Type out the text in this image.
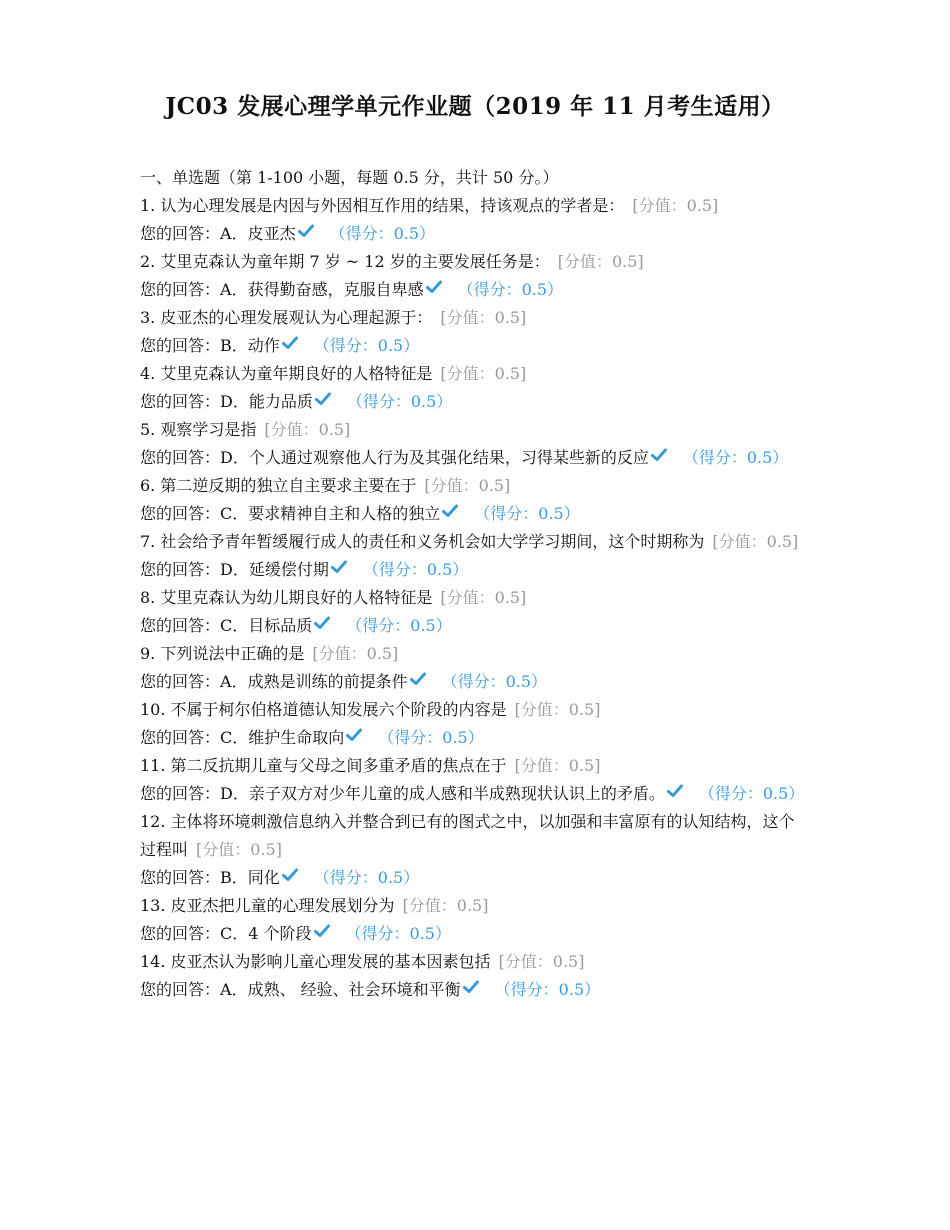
JC03 发展心理学单元作业题（2019 年 11 月考生适用）
一、单选题（第 1-100 小题，每题 0.5 分，共计 50 分。）
1. 认为心理发展是内因与外因相互作用的结果，持该观点的学者是： [分值：0.5]
您的回答：A．皮亚杰 （得分：0.5）
2. 艾里克森认为童年期 7 岁 ~ 12 岁的主要发展任务是： [分值：0.5]
您的回答：A．获得勤奋感，克服自卑感 （得分：0.5）
3. 皮亚杰的心理发展观认为心理起源于： [分值：0.5]
您的回答：B．动作 （得分：0.5）
4. 艾里克森认为童年期良好的人格特征是 [分值：0.5]
您的回答：D．能力品质 （得分：0.5）
5. 观察学习是指 [分值：0.5]
您的回答：D．个人通过观察他人行为及其强化结果，习得某些新的反应 （得分：0.5）
6. 第二逆反期的独立自主要求主要在于 [分值：0.5]
您的回答：C．要求精神自主和人格的独立 （得分：0.5）
7. 社会给予青年暂缓履行成人的责任和义务机会如大学学习期间，这个时期称为 [分值：0.5]
您的回答：D．延缓偿付期 （得分：0.5）
8. 艾里克森认为幼儿期良好的人格特征是 [分值：0.5]
您的回答：C．目标品质 （得分：0.5）
9. 下列说法中正确的是 [分值：0.5]
您的回答：A．成熟是训练的前提条件 （得分：0.5）
10. 不属于柯尔伯格道德认知发展六个阶段的内容是 [分值：0.5]
您的回答：C．维护生命取向 （得分：0.5）
11. 第二反抗期儿童与父母之间多重矛盾的焦点在于 [分值：0.5]
您的回答：D．亲子双方对少年儿童的成人感和半成熟现状认识上的矛盾。 （得分：0.5）
12. 主体将环境刺激信息纳入并整合到已有的图式之中，以加强和丰富原有的认知结构，这个过程叫 [分值：0.5]
您的回答：B．同化 （得分：0.5）
13. 皮亚杰把儿童的心理发展划分为 [分值：0.5]
您的回答：C．4 个阶段 （得分：0.5）
14. 皮亚杰认为影响儿童心理发展的基本因素包括 [分值：0.5]
您的回答：A．成熟、 经验、社会环境和平衡 （得分：0.5）
